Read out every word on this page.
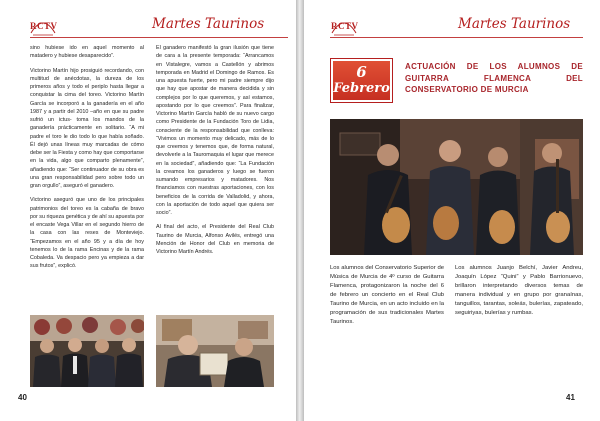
RCTV	Martes Taurinos

sino hubiese ido en aquel momento al matadero y hubiese desaparecido”.

Victorino Martín hijo prosiguió recordando, con multitud de anécdotas, la dureza de los primeros años y todo el periplo hasta llegar a conquistar la cima del toreo. Victorino Martín García se incorporó a la ganadería en el año 1987 y a partir del 2010 –año en que su padre sufrió un ictus- toma los mandos de la ganadería prácticamente en solitario. “A mi padre el toro le dio todo lo que había soñado. Él dejó unas líneas muy marcadas de cómo debe ser la Fiesta y como hay que comportarse en la vida, algo que comparto plenamente”, añadiendo que: “Ser continuador de su obra es una gran responsabilidad pero sobre todo un gran orgullo”, aseguró el ganadero.

Victorino aseguró que uno de los principales patrimonios del toreo es la cabaña de bravo por su riqueza genética y de ahí su apuesta por el encaste Vega Villar en el segundo hierro de la casa con las reses de Monteviejo. “Empezamos en el año 95 y a día de hoy tenemos lo de la rama Encinas y de la rama Cobaleda. Va despacio pero ya empieza a dar sus frutos”, explicó.

El ganadero manifestó la gran ilusión que tiene de cara a la presente temporada: “Arrancamos en Vistalegre, vamos a Castellón y abrimos temporada en Madrid el Domingo de Ramos. Es una apuesta fuerte, pero mi padre siempre dijo que hay que apostar de manera decidida y sin complejos por lo que queremos, y así estamos, apostando por lo que creemos”. Para finalizar, Victorino Martín García habló de su nuevo cargo como Presidente de la Fundación Toro de Lidia, consciente de la responsabilidad que conlleva: “Vivimos un momento muy delicado, más de lo que creemos y tenemos que, de forma natural, devolverle a la Tauromaquia el lugar que merece en la sociedad”, añadiendo que: “La Fundación la creamos los ganaderos y luego se fueron sumando empresarios y matadores. Nos financiamos con nuestras aportaciones, con los beneficios de la corrida de Valladolid, y ahora, con la aportación de todo aquel que quiera ser socio”.

Al final del acto, el Presidente del Real Club Taurino de Murcia, Alfonso Avilés, entregó una Mención de Honor del Club en memoria de Victorino Martín Andrés.

40
RCTV	Martes Taurinos
6
Febrero
ACTUACIÓN DE LOS ALUMNOS DE GUITARRA FLAMENCA DEL CONSERVATORIO DE MURCIA

Los alumnos del Conservatorio Superior de Música de Murcia de 4º curso de Guitarra Flamenca, protagonizaron la noche del 6 de febrero un concierto en el Real Club Taurino de Murcia, en un acto incluido en la programación de sus tradicionales Martes Taurinos.

Los alumnos Juanjo Belchí, Javier Andreu, Joaquín López “Quini” y Pablo Barrionuevo, brillaron interpretando diversos temas de manera individual y en grupo por granaínas, tanguillos, tarantas, soleás, bulerías, zapateado, seguiriyas, bulerías y rumbas.

41
